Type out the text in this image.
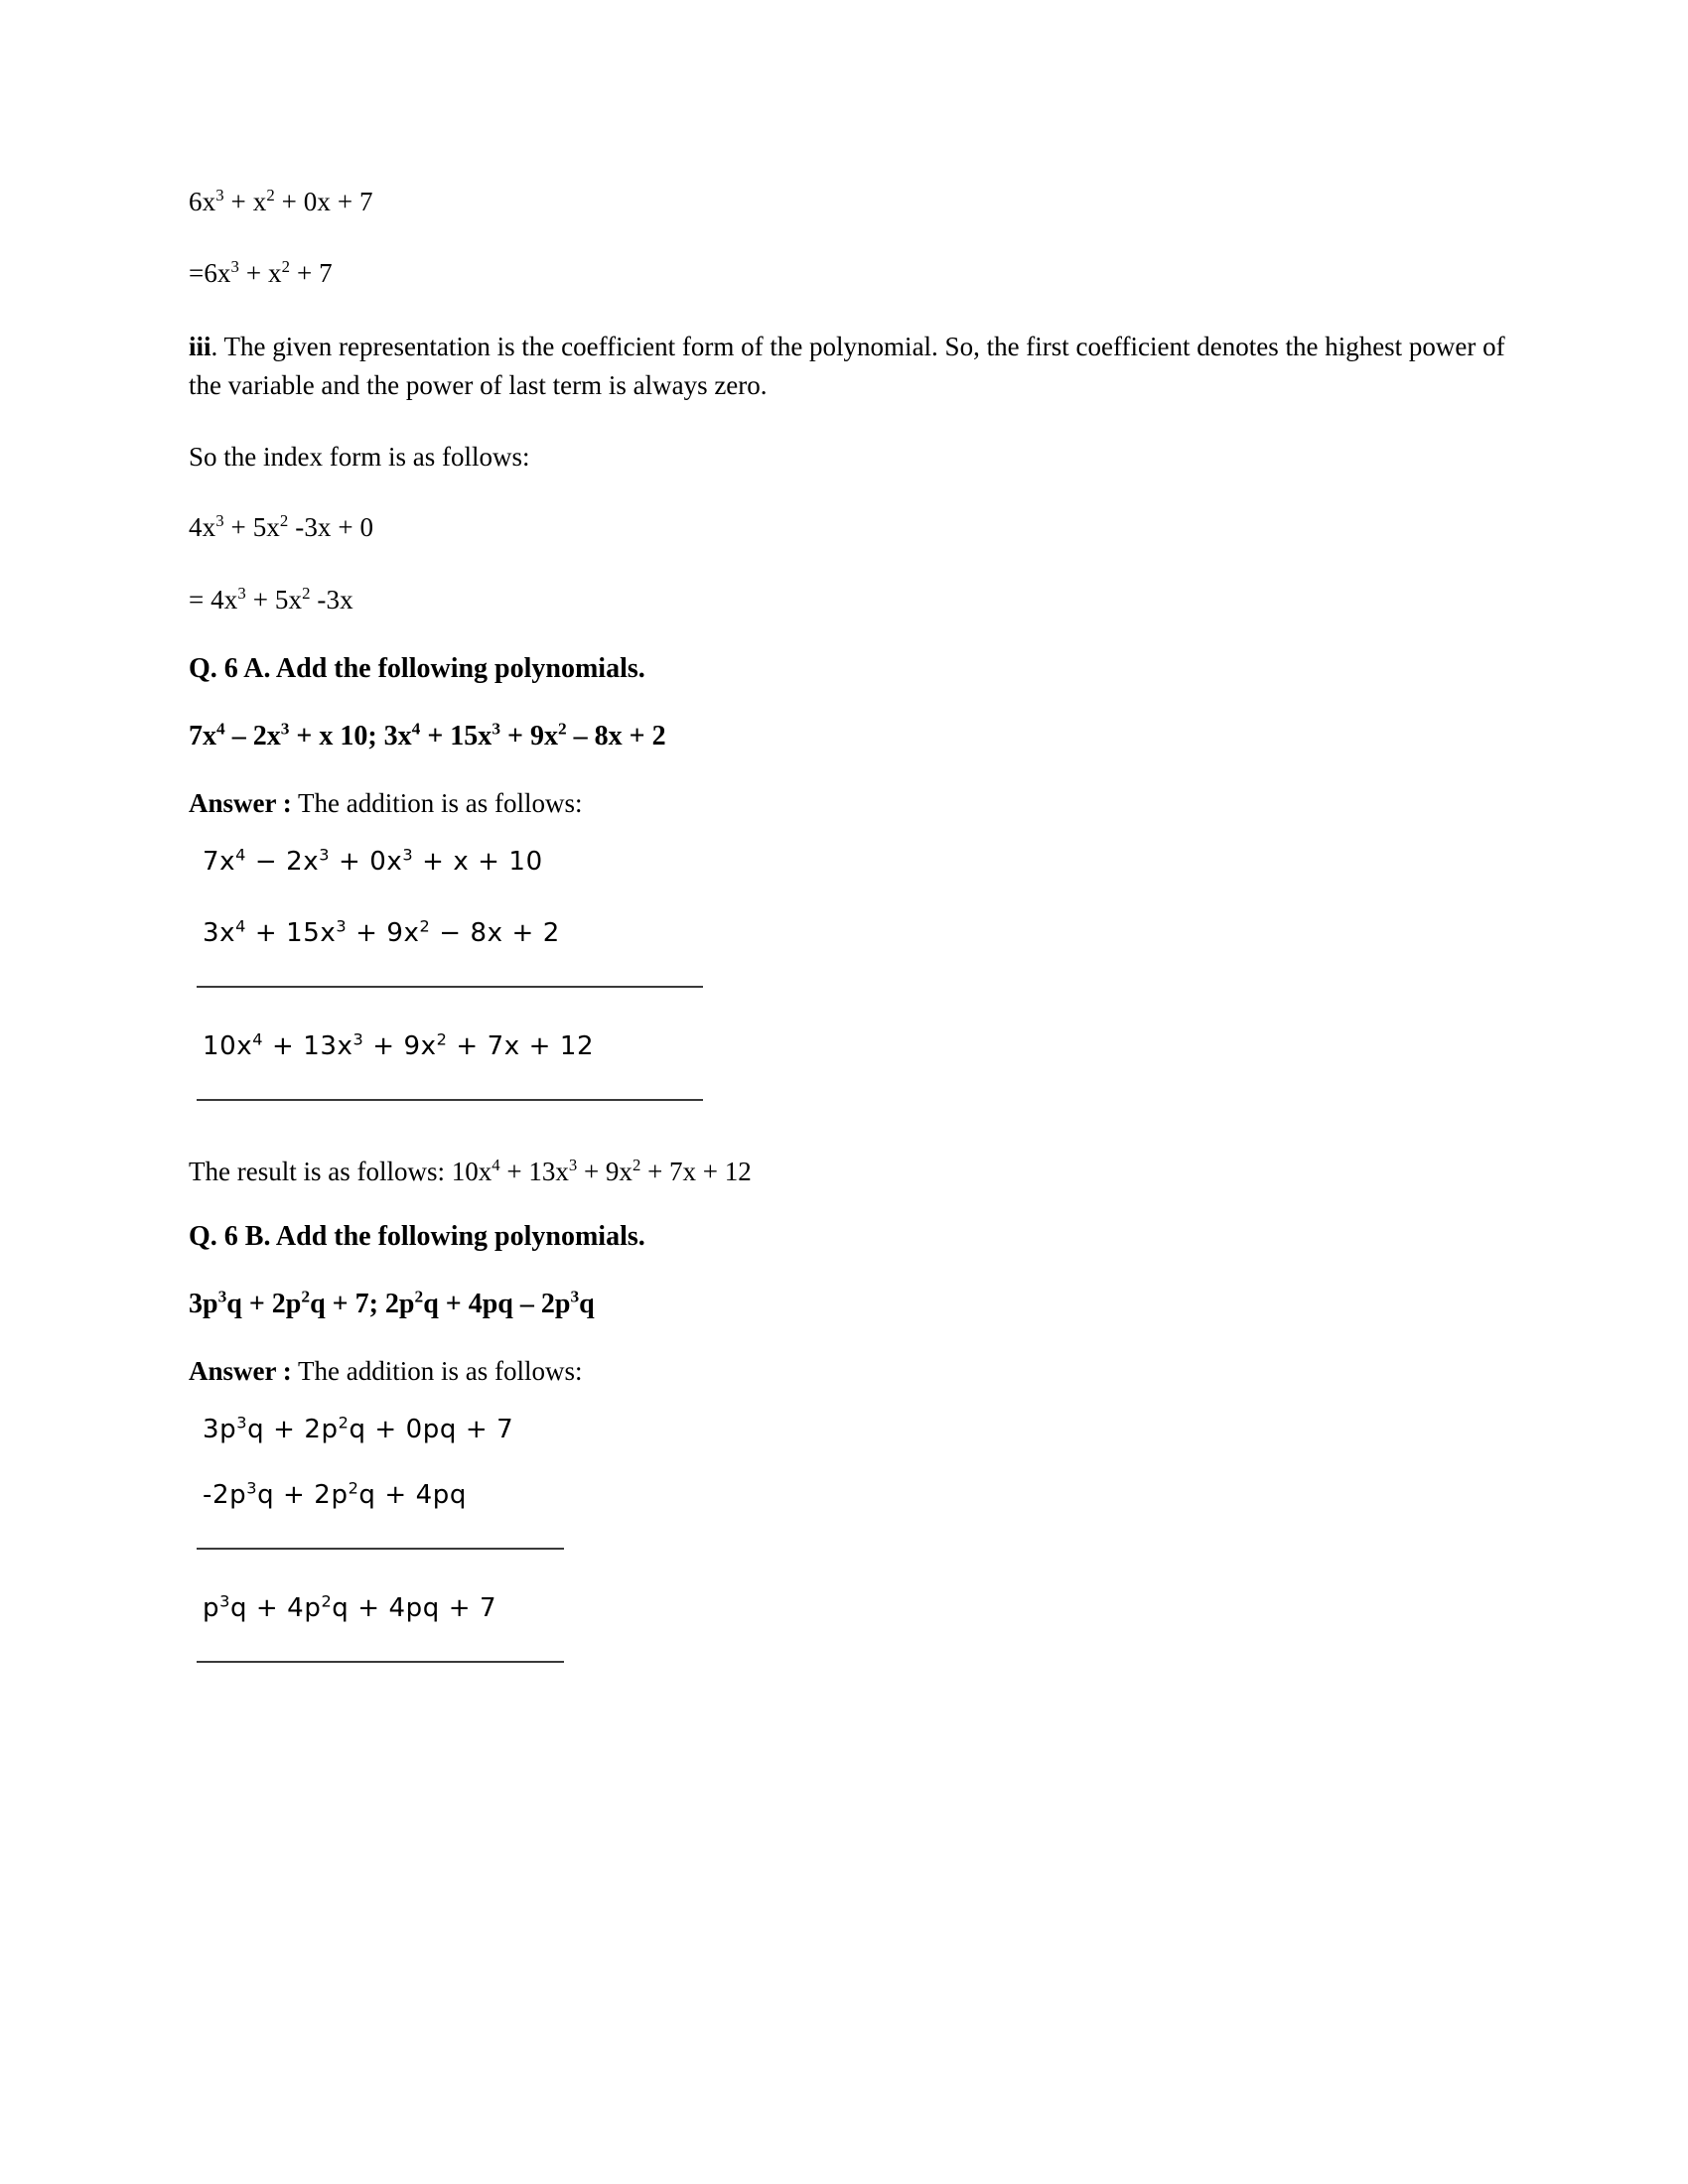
$6x^3 + x^2 + 0x + 7$
$=6x^3 + x^2 + 7$
iii. The given representation is the coefficient form of the polynomial. So, the first coefficient denotes the highest power of the variable and the power of last term is always zero.
So the index form is as follows:
$4x^3 + 5x^2$ -3x + 0
= $4x^3 + 5x^2$ -3x
Q. 6 A. Add the following polynomials.
$7x^4 - 2x^3 + x$ 10; $3x^4 + 15x^3 + 9x^2 - 8x + 2$
Answer : The addition is as follows:
$7x^4 - 2x^3 + 0x^3 + x + 10$
$3x^4 + 15x^3 + 9x^2 - 8x + 2$
$10x^4 + 13x^3 + 9x^2 + 7x + 12$
The result is as follows: $10x^4 + 13x^3 + 9x^2 + 7x + 12$
Q. 6 B. Add the following polynomials.
$3p^3q + 2p^2q + 7$; $2p^2q + 4pq - 2p^3q$
Answer : The addition is as follows:
$3p^3q + 2p^2q + 0pq + 7$
$-2p^3q + 2p^2q + 4pq$
$p^3q + 4p^2q + 4pq + 7$
